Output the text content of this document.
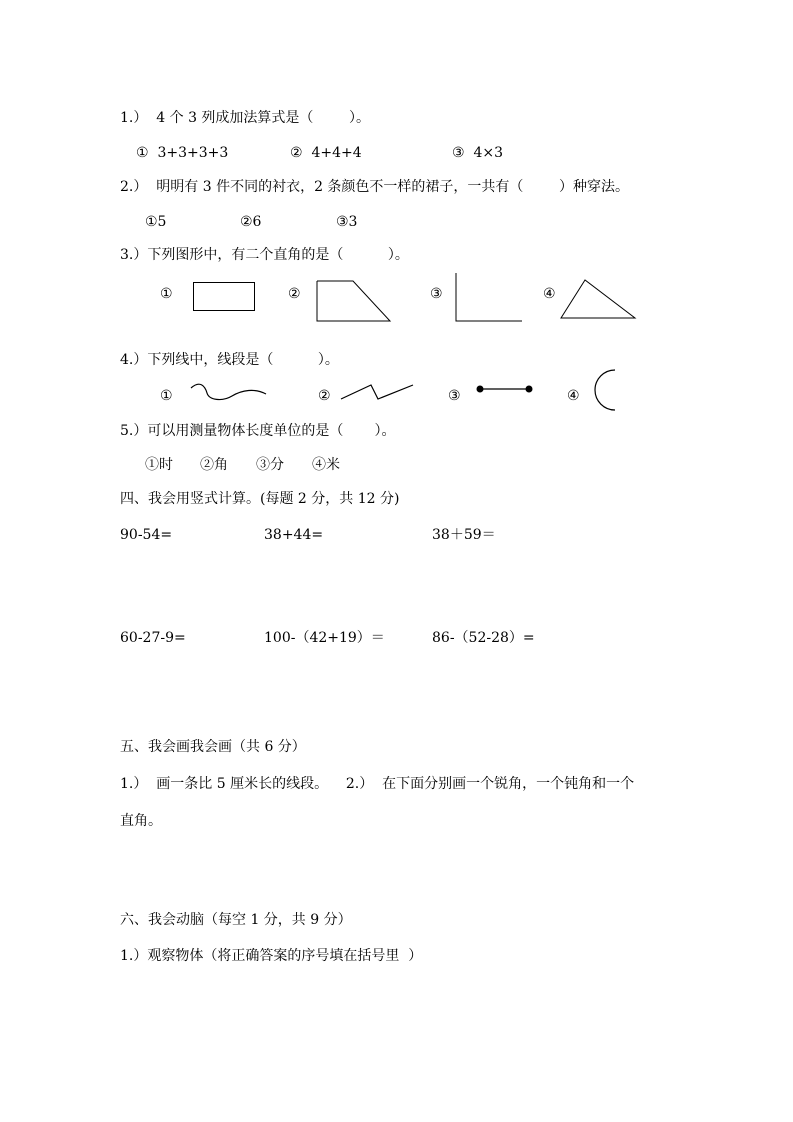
1.）  4 个 3 列成加法算式是（        ）。
①  3+3+3+3	②  4+4+4	③  4×3
2.）  明明有 3 件不同的衬衣，2 条颜色不一样的裙子，一共有（        ）种穿法。
①5	②6	③3
3.）下列图形中，有二个直角的是（          ）。
①	②	③	④
4.）下列线中，线段是（          ）。
①	②	③	④
5.）可以用测量物体长度单位的是（       ）。
①时 ②角 ③分 ④米
四、我会用竖式计算。(每题 2 分，共 12 分)
90-54=	38+44=	38＋59＝
60-27-9=	100-（42+19）＝	86-（52-28）=
五、我会画我会画（共 6 分）
1.）  画一条比 5 厘米长的线段。    2.）  在下面分别画一个锐角，一个钝角和一个
直角。
六、我会动脑（每空 1 分，共 9 分）
1.）观察物体（将正确答案的序号填在括号里  ）
